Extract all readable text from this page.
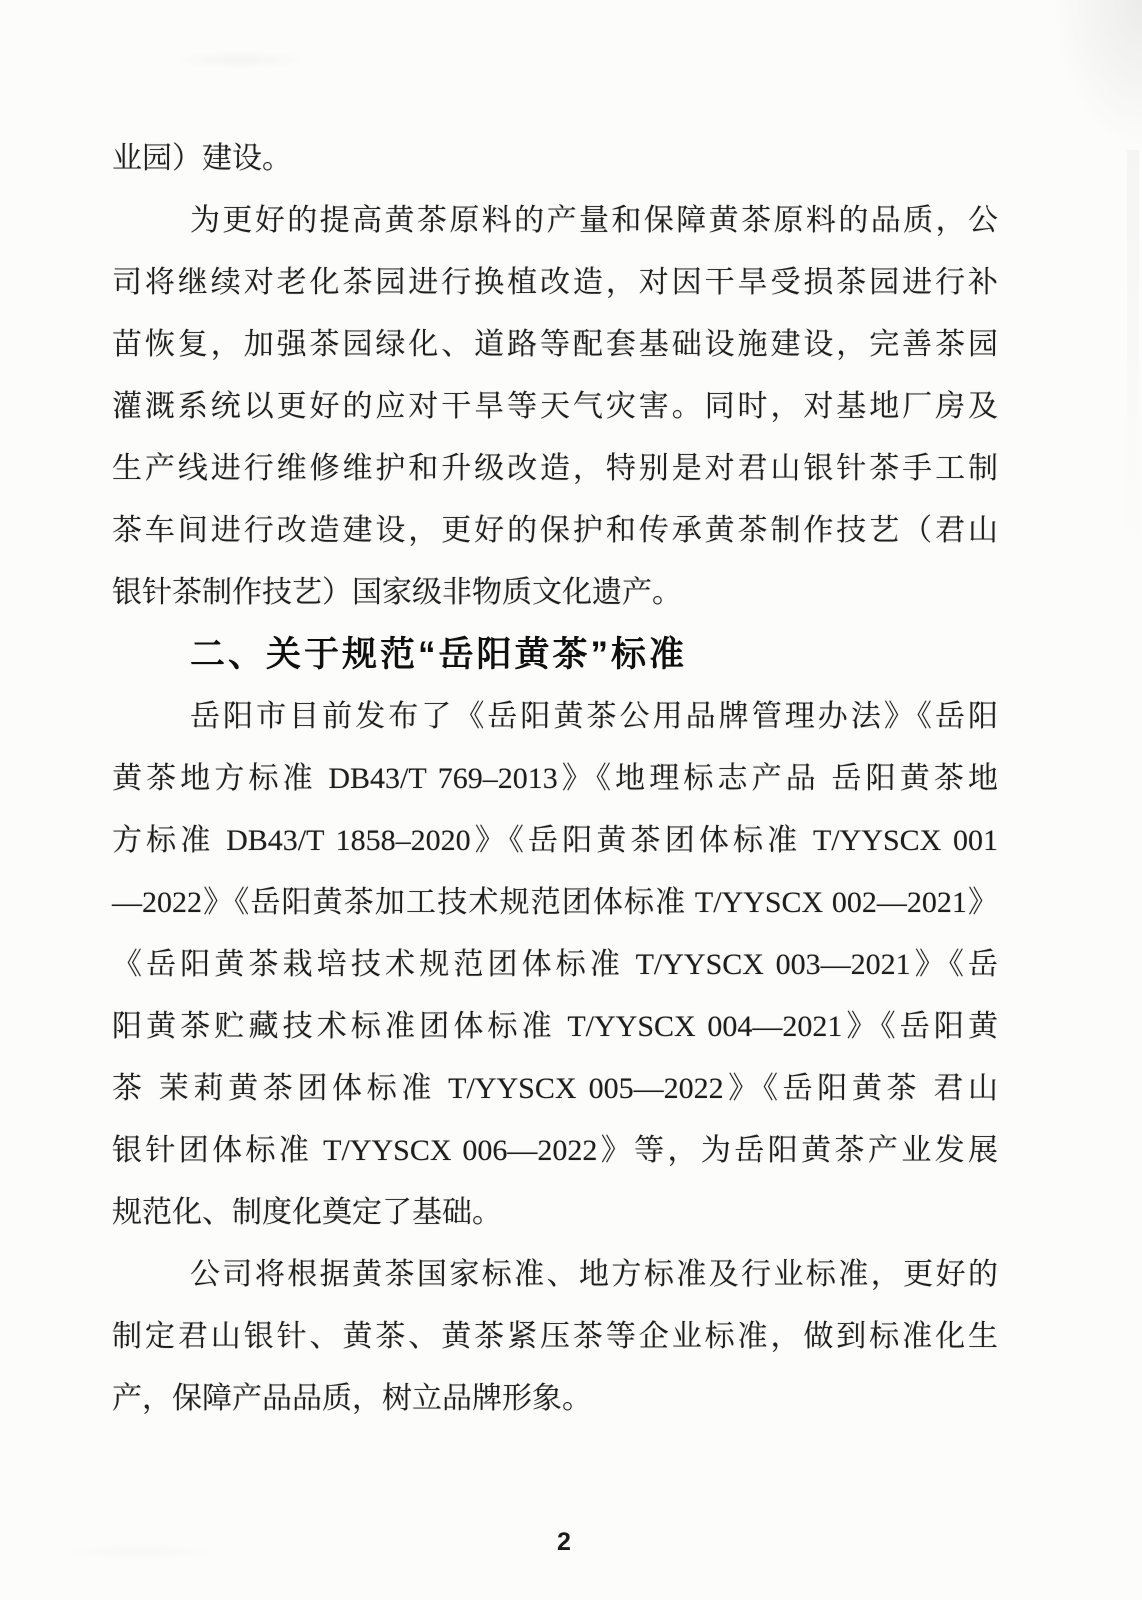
业园）建设。
为更好的提高黄茶原料的产量和保障黄茶原料的品质，公
司将继续对老化茶园进行换植改造，对因干旱受损茶园进行补
苗恢复，加强茶园绿化、道路等配套基础设施建设，完善茶园
灌溉系统以更好的应对干旱等天气灾害。同时，对基地厂房及
生产线进行维修维护和升级改造，特别是对君山银针茶手工制
茶车间进行改造建设，更好的保护和传承黄茶制作技艺（君山
银针茶制作技艺）国家级非物质文化遗产。
二、关于规范“岳阳黄茶”标准
岳阳市目前发布了《岳阳黄茶公用品牌管理办法》《岳阳
黄茶地方标准 DB43/T 769–2013》《地理标志产品 岳阳黄茶地
方标准 DB43/T 1858–2020》《岳阳黄茶团体标准 T/YYSCX 001
—2022》《岳阳黄茶加工技术规范团体标准 T/YYSCX 002—2021》
《岳阳黄茶栽培技术规范团体标准 T/YYSCX 003—2021》《岳
阳黄茶贮藏技术标准团体标准 T/YYSCX 004—2021》《岳阳黄
茶 茉莉黄茶团体标准 T/YYSCX 005—2022》《岳阳黄茶 君山
银针团体标准 T/YYSCX 006—2022》等，为岳阳黄茶产业发展
规范化、制度化奠定了基础。
公司将根据黄茶国家标准、地方标准及行业标准，更好的
制定君山银针、黄茶、黄茶紧压茶等企业标准，做到标准化生
产，保障产品品质，树立品牌形象。
2
